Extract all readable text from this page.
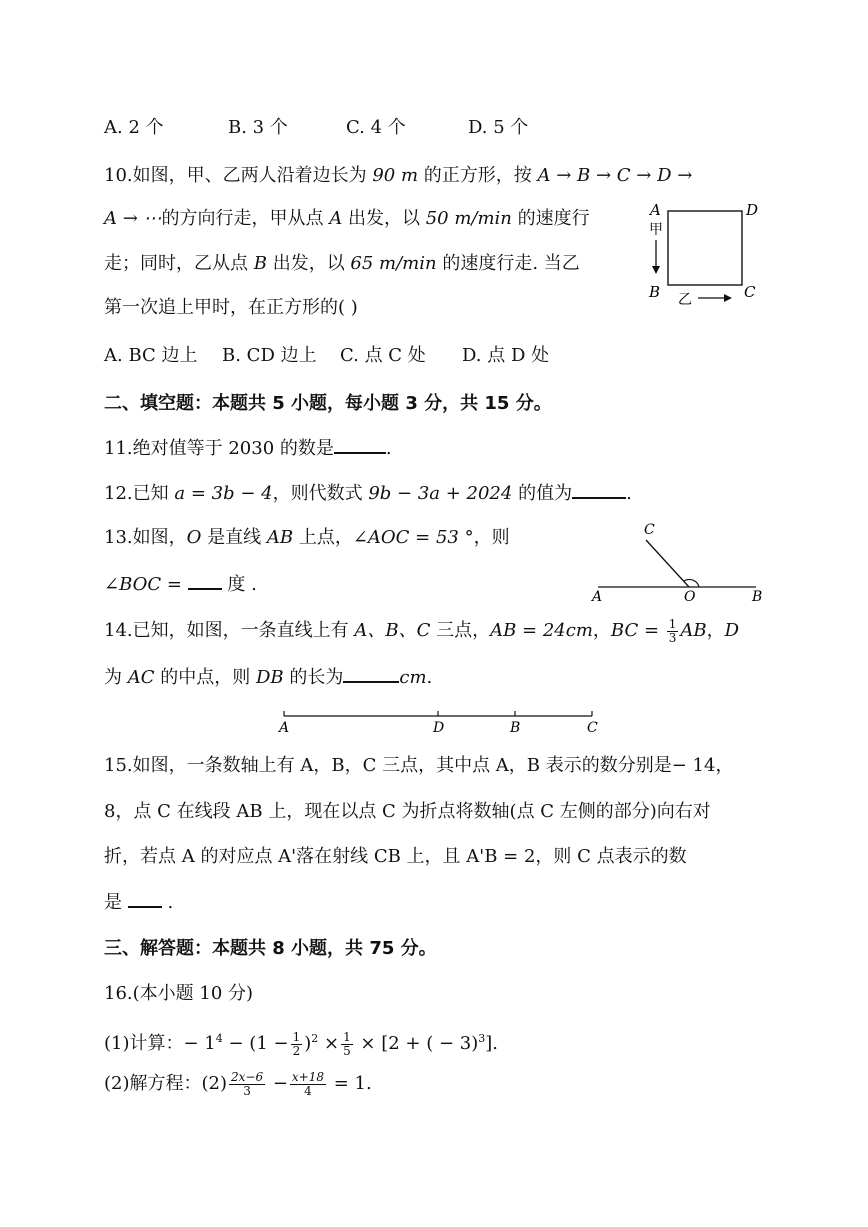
A. 2 个	B. 3 个	C. 4 个	D. 5 个
10.如图，甲、乙两人沿着边长为 90 m 的正方形，按 A → B → C → D →
A → ⋯的方向行走，甲从点 A 出发，以 50 m/min 的速度行
走；同时，乙从点 B 出发，以 65 m/min 的速度行走. 当乙
第一次追上甲时，在正方形的( )
A	D
B	C
甲
乙
A. BC 边上 B. CD 边上 C. 点 C 处 D. 点 D 处
二、填空题：本题共 5 小题，每小题 3 分，共 15 分。
11.绝对值等于 2030 的数是	.
12.已知 a = 3b − 4，则代数式 9b − 3a + 2024 的值为	.
13.如图，O 是直线 AB 上点，∠AOC = 53 °，则
∠BOC =  度 .
C
A	O	B
14.已知，如图，一条直线上有 A、B、C 三点，AB = 24cm，BC = $\frac{1}{3}$ AB，D
为 AC 的中点，则 DB 的长为	cm.
A	D	B	C
15.如图，一条数轴上有 A，B，C 三点，其中点 A，B 表示的数分别是− 14，
8，点 C 在线段 AB 上，现在以点 C 为折点将数轴(点 C 左侧的部分)向右对
折，若点 A 的对应点 A'落在射线 CB 上，且 A'B = 2，则 C 点表示的数
是  .
三、解答题：本题共 8 小题，共 75 分。
16.(本小题 10 分)
(1)计算：− $1^4 - (1 - \frac{1}{2} )^2 \times \frac{1}{5} \times [2$ + ( − 3)$^3$].
(2)解方程：$(2) \frac{2x-6}{3} - \frac{x+18}{4} = 1$.
